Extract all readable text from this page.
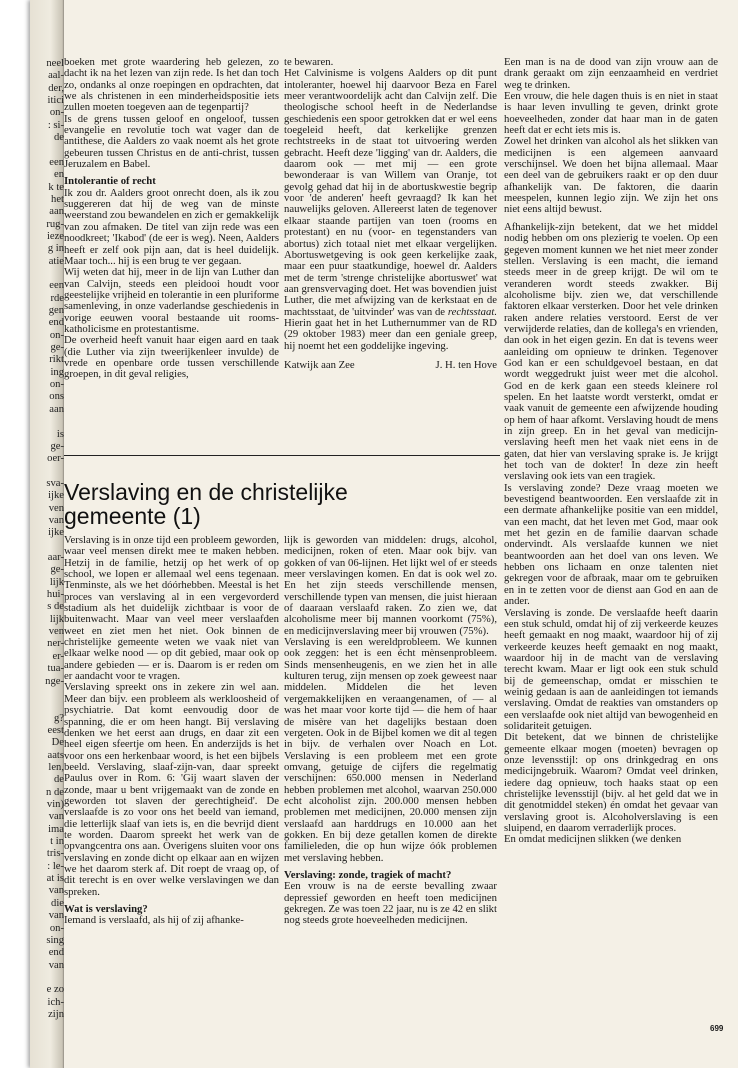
neel
aal-
der,
itici
on-
: si-
de
een
en
k te
het
aan
rug-
ieze
g in
atie
een
rde
gen
end
on-
ge-
rikt
ing
on-
ons
aan
is
ge-
oer-
sva-
ijke
ven
van
ijke
aar-
ge-
lijk
hui-
s de
lijk
ven
ner-
er-
tua-
nge-
g?
eest
De
aats
len,
de
n de
vin)
van
ima
t in
tris-
: le-
at is
van
die
van
on-
sing
end
van
e zo
ich-
zijn

boeken met grote waardering heb gelezen, zo dacht ik na het lezen van zijn rede. Is het dan toch zo, ondanks al onze roepingen en opdrachten, dat we als christenen in een minderheidspositie iets zullen moeten toegeven aan de tegenpartij?

Is de grens tussen geloof en ongeloof, tussen evangelie en revolutie toch wat vager dan de antithese, die Aalders zo vaak noemt als het grote gebeuren tussen Christus en de anti-christ, tussen Jeruzalem en Babel.

Intolerantie of recht

Ik zou dr. Aalders groot onrecht doen, als ik zou suggereren dat hij de weg van de minste weerstand zou bewandelen en zich er gemakkelijk van zou afmaken. De titel van zijn rede was een noodkreet; 'Ikabod' (de eer is weg). Neen, Aalders heeft er zelf ook pijn aan, dat is heel duidelijk. Maar toch... hij is een brug te ver gegaan.

Wij weten dat hij, meer in de lijn van Luther dan van Calvijn, steeds een pleidooi houdt voor geestelijke vrijheid en tolerantie in een pluriforme samenleving, in onze vaderlandse geschiedenis in vorige eeuwen vooral bestaande uit rooms-katholicisme en protestantisme.

De overheid heeft vanuit haar eigen aard en taak (die Luther via zijn tweerijkenleer invulde) de vrede en openbare orde tussen verschillende groepen, in dit geval religies,

te bewaren.

Het Calvinisme is volgens Aalders op dit punt intoleranter, hoewel hij daarvoor Beza en Farel meer verantwoordelijk acht dan Calvijn zelf. Die theologische school heeft in de Nederlandse geschiedenis een spoor getrokken dat er wel eens toegeleid heeft, dat kerkelijke grenzen rechtstreeks in de staat tot uitvoering werden gebracht. Heeft deze 'ligging' van dr. Aalders, die daarom ook — met mij — een grote bewonderaar is van Willem van Oranje, tot gevolg gehad dat hij in de abortuskwestie begrip voor 'de anderen' heeft gevraagd? Ik kan het nauwelijks geloven. Allereerst laten de tegenover elkaar staande partijen van toen (rooms en protestant) en nu (voor- en tegenstanders van abortus) zich totaal niet met elkaar vergelijken. Abortuswetgeving is ook geen kerkelijke zaak, maar een puur staatkundige, hoewel dr. Aalders met de term 'strenge christelijke abortuswet' wat aan grensvervaging doet. Het was bovendien juist Luther, die met afwijzing van de kerkstaat en de machtsstaat, de 'uitvinder' was van de rechtsstaat. Hierin gaat het in het Luthernummer van de RD (29 oktober 1983) meer dan een geniale greep, hij noemt het een goddelijke ingeving.

Katwijk aan Zee	J. H. ten Hove

Een man is na de dood van zijn vrouw aan de drank geraakt om zijn eenzaamheid en verdriet weg te drinken.

Een vrouw, die hele dagen thuis is en niet in staat is haar leven invulling te geven, drinkt grote hoeveelheden, zonder dat haar man in de gaten heeft dat er echt iets mis is.

Zowel het drinken van alcohol als het slikken van medicijnen is een algemeen aanvaard verschijnsel. We doen het bijna allemaal. Maar een deel van de gebruikers raakt er op den duur afhankelijk van. De faktoren, die daarin meespelen, kunnen legio zijn. We zijn het ons niet eens altijd bewust.

Afhankelijk-zijn betekent, dat we het middel nodig hebben om ons plezierig te voelen. Op een gegeven moment kunnen we het niet meer zonder stellen. Verslaving is een macht, die iemand steeds meer in de greep krijgt. De wil om te veranderen wordt steeds zwakker. Bij alcoholisme bijv. zien we, dat verschillende faktoren elkaar versterken. Door het vele drinken raken andere relaties verstoord. Eerst de ver verwijderde relaties, dan de kollega's en vrienden, dan ook in het eigen gezin. En dat is tevens weer aanleiding om opnieuw te drinken. Tegenover God kan er een schuldgevoel bestaan, en dat wordt weggedrukt juist weer met die alcohol. God en de kerk gaan een steeds kleinere rol spelen. En het laatste wordt versterkt, omdat er vaak vanuit de gemeente een afwijzende houding op hem of haar afkomt. Verslaving houdt de mens in zijn greep. En in het geval van medicijn-verslaving heeft men het vaak niet eens in de gaten, dat hier van verslaving sprake is. Je krijgt het toch van de dokter! In deze zin heeft verslaving ook iets van een tragiek.

Is verslaving zonde? Deze vraag moeten we bevestigend beantwoorden. Een verslaafde zit in een dermate afhankelijke positie van een middel, van een macht, dat het leven met God, maar ook met het gezin en de familie daarvan schade ondervindt. Als verslaafde kunnen we niet beantwoorden aan het doel van ons leven. We hebben ons lichaam en onze talenten niet gekregen voor de afbraak, maar om te gebruiken en in te zetten voor de dienst aan God en aan de ander.

Verslaving is zonde. De verslaafde heeft daarin een stuk schuld, omdat hij of zij verkeerde keuzes heeft gemaakt en nog maakt, waardoor hij of zij verkeerde keuzes heeft gemaakt en nog maakt, waardoor hij in de macht van de verslaving terecht kwam. Maar er ligt ook een stuk schuld bij de gemeenschap, omdat er misschien te weinig gedaan is aan de aanleidingen tot iemands verslaving. Omdat de reakties van omstanders op een verslaafde ook niet altijd van bewogenheid en solidariteit getuigen.

Dit betekent, dat we binnen de christelijke gemeente elkaar mogen (moeten) bevragen op onze levensstijl: op ons drinkgedrag en ons medicijngebruik. Waarom? Omdat veel drinken, iedere dag opnieuw, toch haaks staat op een christelijke levensstijl (bijv. al het geld dat we in dit genotmiddel steken) én omdat het gevaar van verslaving groot is. Alcoholverslaving is een sluipend, en daarom verraderlijk proces.

En omdat medicijnen slikken (we denken

Verslaving en de christelijke gemeente (1)

Verslaving is in onze tijd een probleem geworden, waar veel mensen direkt mee te maken hebben. Hetzij in de familie, hetzij op het werk of op school, we lopen er allemaal wel eens tegenaan. Tenminste, als we het dóórhebben. Meestal is het proces van verslaving al in een vergevorderd stadium als het duidelijk zichtbaar is voor de buitenwacht. Maar van veel meer verslaafden weet en ziet men het niet. Ook binnen de christelijke gemeente weten we vaak niet van elkaar welke nood — op dit gebied, maar ook op andere gebieden — er is. Daarom is er reden om er aandacht voor te vragen.

Verslaving spreekt ons in zekere zin wel aan. Meer dan bijv. een probleem als werkloosheid of psychiatrie. Dat komt eenvoudig door de spanning, die er om heen hangt. Bij verslaving denken we het eerst aan drugs, en daar zit een heel eigen sfeertje om heen. En anderzijds is het voor ons een herkenbaar woord, is het een bijbels beeld. Verslaving, slaaf-zijn-van, daar spreekt Paulus over in Rom. 6: 'Gij waart slaven der zonde, maar u bent vrijgemaakt van de zonde en geworden tot slaven der gerechtigheid'. De verslaafde is zo voor ons het beeld van iemand, die letterlijk slaaf van iets is, en die bevrijd dient te worden. Daarom spreekt het werk van de opvangcentra ons aan. Overigens sluiten voor ons verslaving en zonde dicht op elkaar aan en wijzen we het daarom sterk af. Dit roept de vraag op, of dit terecht is en over welke verslavingen we dan spreken.

Wat is verslaving?

Iemand is verslaafd, als hij of zij afhanke-

lijk is geworden van middelen: drugs, alcohol, medicijnen, roken of eten. Maar ook bijv. van gokken of van 06-lijnen. Het lijkt wel of er steeds meer verslavingen komen. En dat is ook wel zo. En het zijn steeds verschillende mensen, verschillende typen van mensen, die juist hieraan of daaraan verslaafd raken. Zo zien we, dat alcoholisme meer bij mannen voorkomt (75%), en medicijnverslaving meer bij vrouwen (75%).

Verslaving is een wereldprobleem. We kunnen ook zeggen: het is een écht mènsenprobleem. Sinds mensenheugenis, en we zien het in alle kulturen terug, zijn mensen op zoek geweest naar middelen. Middelen die het leven vergemakkelijken en veraangenamen, of — al was het maar voor korte tijd — die hem of haar de misère van het dagelijks bestaan doen vergeten. Ook in de Bijbel komen we dit al tegen in bijv. de verhalen over Noach en Lot. Verslaving is een probleem met een grote omvang, getuige de cijfers die regelmatig verschijnen: 650.000 mensen in Nederland hebben problemen met alcohol, waarvan 250.000 echt alcoholist zijn. 200.000 mensen hebben problemen met medicijnen, 20.000 mensen zijn verslaafd aan harddrugs en 10.000 aan het gokken. En bij deze getallen komen de direkte familieleden, die op hun wijze óók problemen met verslaving hebben.

Verslaving: zonde, tragiek of macht?

Een vrouw is na de eerste bevalling zwaar depressief geworden en heeft toen medicijnen gekregen. Ze was toen 22 jaar, nu is ze 42 en slikt nog steeds grote hoeveelheden medicijnen.

699
